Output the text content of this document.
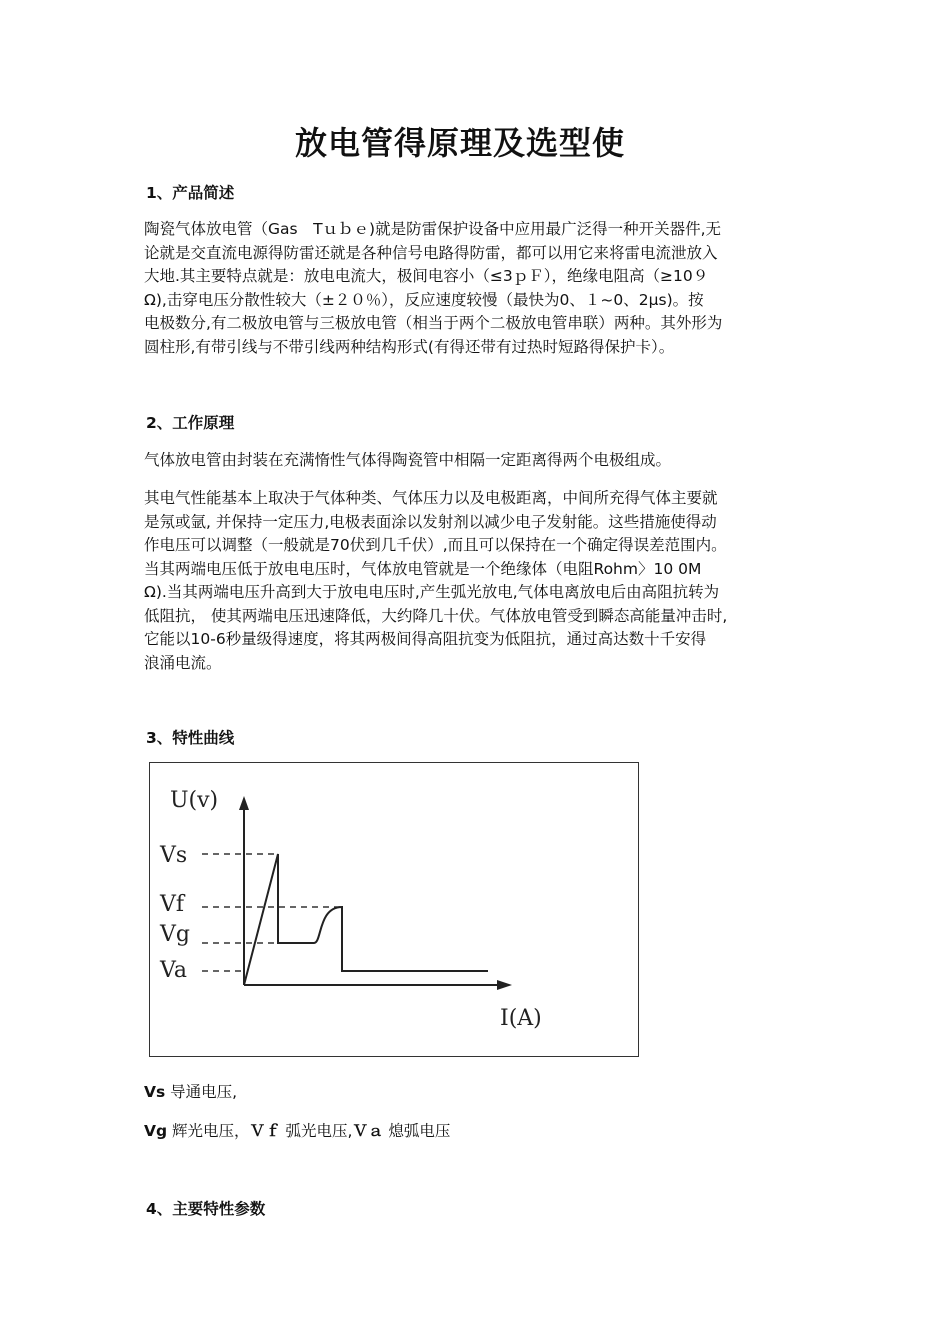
放电管得原理及选型使
1、产品简述
陶瓷气体放电管（Gas　Tｕｂｅ)就是防雷保护设备中应用最广泛得一种开关器件,无
论就是交直流电源得防雷还就是各种信号电路得防雷，都可以用它来将雷电流泄放入
大地.其主要特点就是：放电电流大，极间电容小（≤3ｐＦ），绝缘电阻高（≥10９
Ω),击穿电压分散性较大（±２０％），反应速度较慢（最快为0、１~0、2μs)。按
电极数分,有二极放电管与三极放电管（相当于两个二极放电管串联）两种。其外形为
圆柱形,有带引线与不带引线两种结构形式(有得还带有过热时短路得保护卡）。
2、工作原理
气体放电管由封装在充满惰性气体得陶瓷管中相隔一定距离得两个电极组成。
其电气性能基本上取决于气体种类、气体压力以及电极距离，中间所充得气体主要就
是氖或氩, 并保持一定压力,电极表面涂以发射剂以减少电子发射能。这些措施使得动
作电压可以调整（一般就是70伏到几千伏）,而且可以保持在一个确定得误差范围内。
当其两端电压低于放电电压时，气体放电管就是一个绝缘体（电阻Rohm〉10 0M
Ω).当其两端电压升高到大于放电电压时,产生弧光放电,气体电离放电后由高阻抗转为
低阻抗， 使其两端电压迅速降低，大约降几十伏。气体放电管受到瞬态高能量冲击时,
它能以10-6秒量级得速度，将其两极间得高阻抗变为低阻抗，通过高达数十千安得
浪涌电流。
3、特性曲线
U(v)
I(A)
Vs
Vf
Vg
Va
Vs 导通电压,
Vg 辉光电压，Ｖｆ 弧光电压,Ｖａ 熄弧电压
4、主要特性参数
